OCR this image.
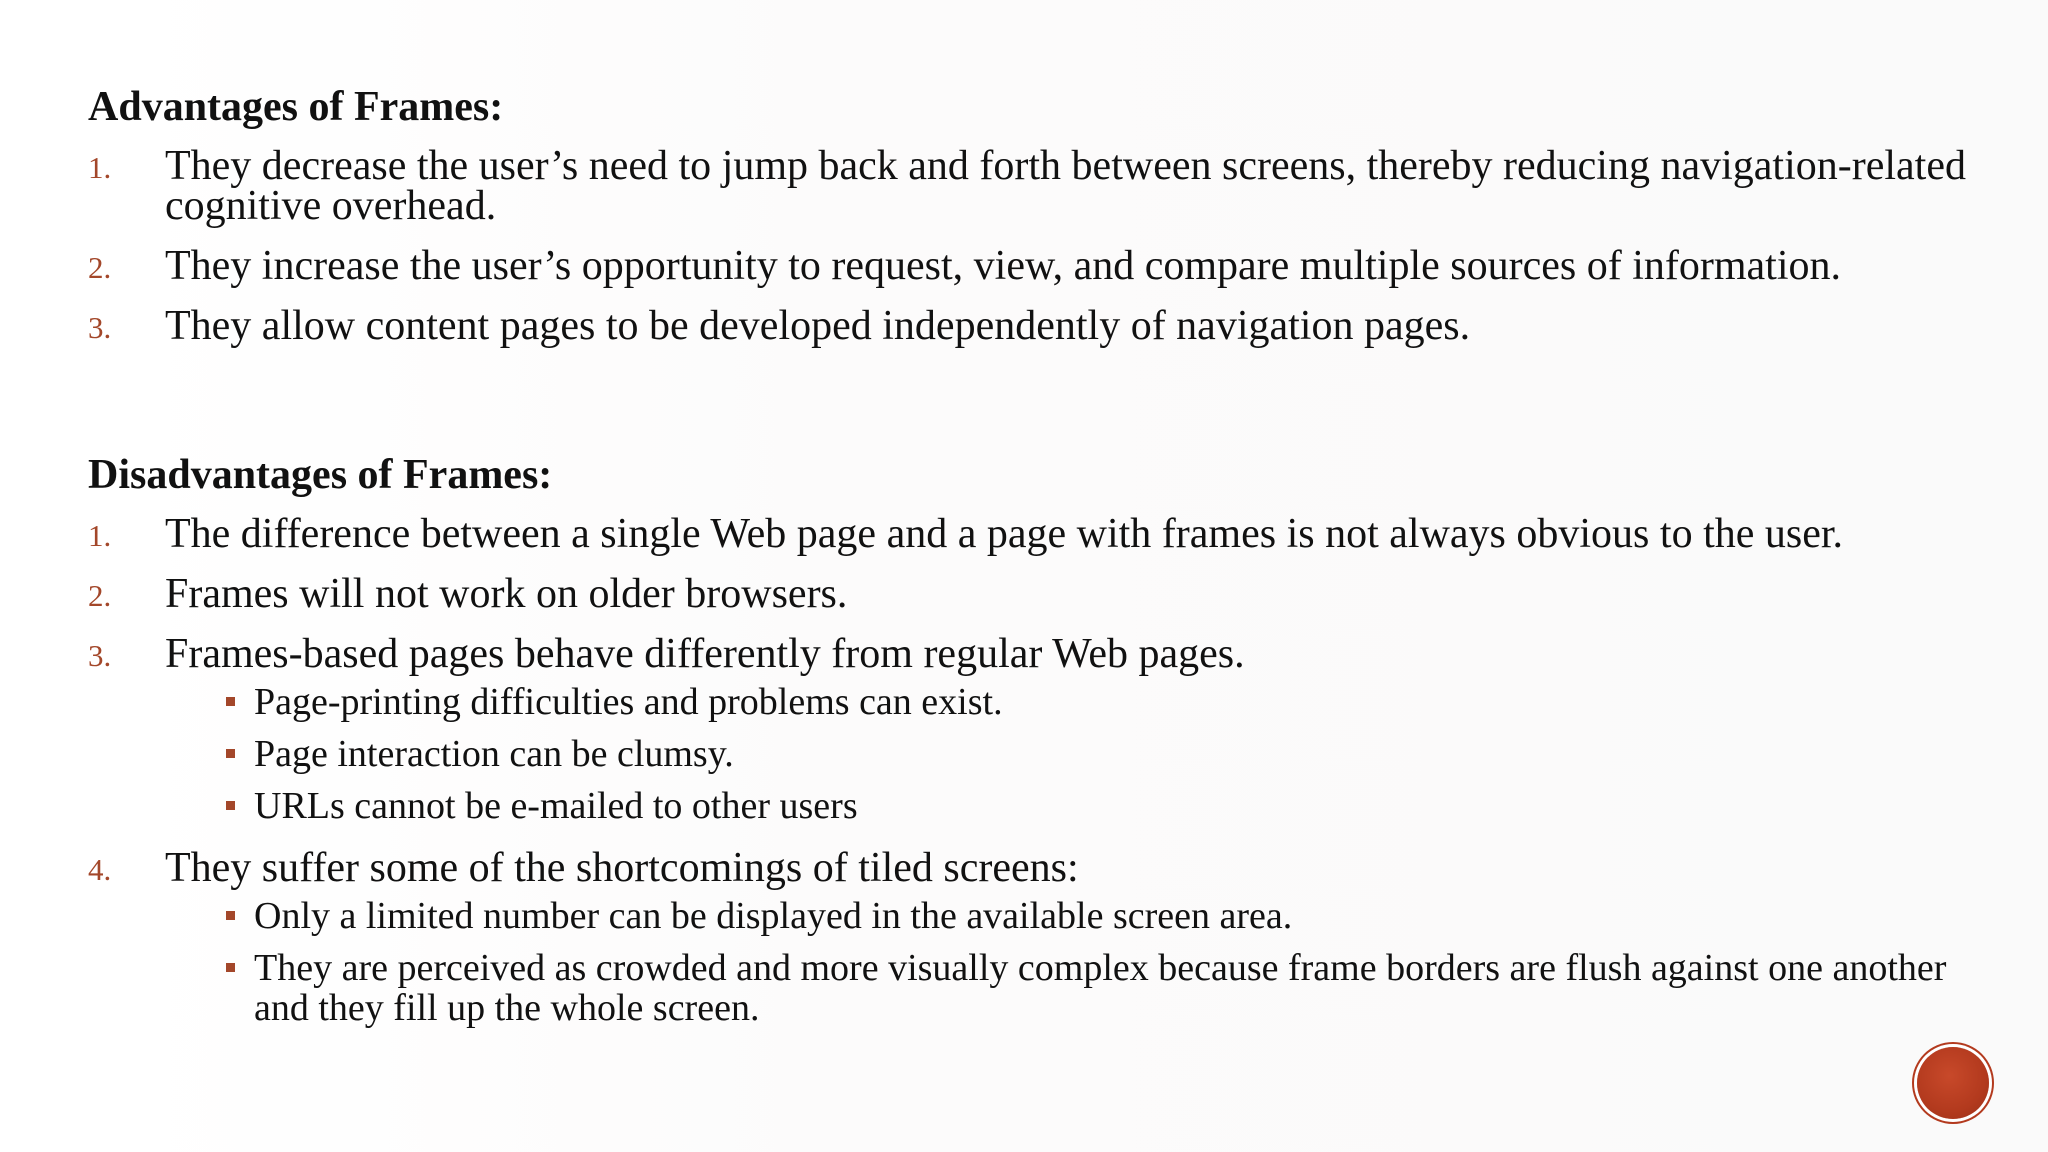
Advantages of Frames:
1. They decrease the user’s need to jump back and forth between screens, thereby reducing navigation-related cognitive overhead.
2. They increase the user’s opportunity to request, view, and compare multiple sources of information.
3. They allow content pages to be developed independently of navigation pages.
Disadvantages of Frames:
1. The difference between a single Web page and a page with frames is not always obvious to the user.
2. Frames will not work on older browsers.
3. Frames-based pages behave differently from regular Web pages.
Page-printing difficulties and problems can exist.
Page interaction can be clumsy.
URLs cannot be e-mailed to other users
4. They suffer some of the shortcomings of tiled screens:
Only a limited number can be displayed in the available screen area.
They are perceived as crowded and more visually complex because frame borders are flush against one another and they fill up the whole screen.
